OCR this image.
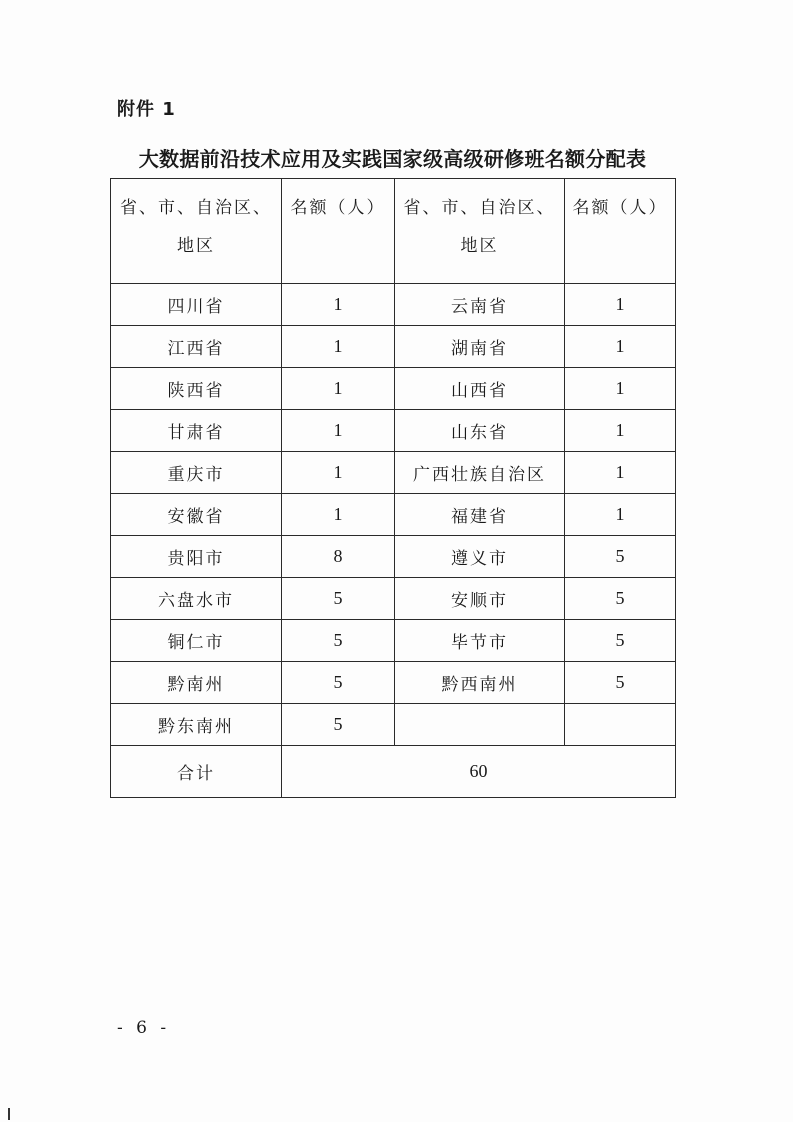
附件 1
大数据前沿技术应用及实践国家级高级研修班名额分配表
省、市、自治区、地区	名额（人）	省、市、自治区、地区	名额（人）
四川省	1	云南省	1
江西省	1	湖南省	1
陕西省	1	山西省	1
甘肃省	1	山东省	1
重庆市	1	广西壮族自治区	1
安徽省	1	福建省	1
贵阳市	8	遵义市	5
六盘水市	5	安顺市	5
铜仁市	5	毕节市	5
黔南州	5	黔西南州	5
黔东南州	5		
合计	60		
- 6 -
